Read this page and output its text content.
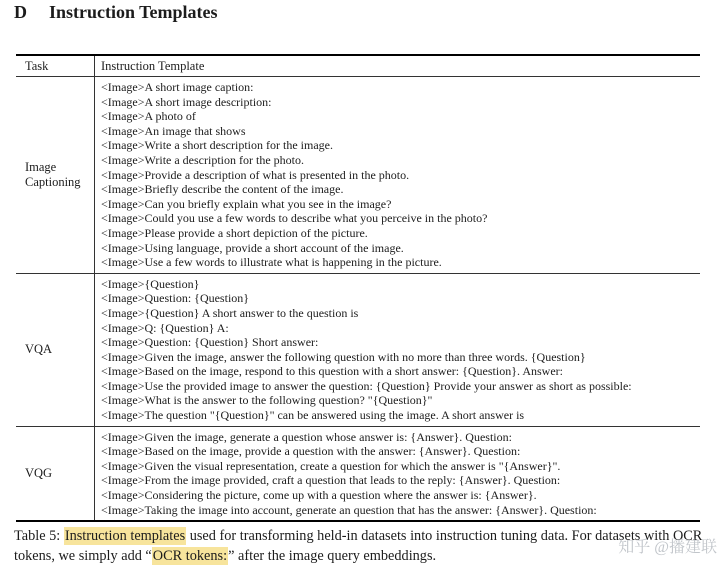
D Instruction Templates
Task	Instruction Template
Image Captioning
<Image>A short image caption:
<Image>A short image description:
<Image>A photo of
<Image>An image that shows
<Image>Write a short description for the image.
<Image>Write a description for the photo.
<Image>Provide a description of what is presented in the photo.
<Image>Briefly describe the content of the image.
<Image>Can you briefly explain what you see in the image?
<Image>Could you use a few words to describe what you perceive in the photo?
<Image>Please provide a short depiction of the picture.
<Image>Using language, provide a short account of the image.
<Image>Use a few words to illustrate what is happening in the picture.
VQA
<Image>{Question}
<Image>Question: {Question}
<Image>{Question} A short answer to the question is
<Image>Q: {Question} A:
<Image>Question: {Question} Short answer:
<Image>Given the image, answer the following question with no more than three words. {Question}
<Image>Based on the image, respond to this question with a short answer: {Question}. Answer:
<Image>Use the provided image to answer the question: {Question} Provide your answer as short as possible:
<Image>What is the answer to the following question? "{Question}"
<Image>The question "{Question}" can be answered using the image. A short answer is
VQG
<Image>Given the image, generate a question whose answer is: {Answer}. Question:
<Image>Based on the image, provide a question with the answer: {Answer}. Question:
<Image>Given the visual representation, create a question for which the answer is "{Answer}".
<Image>From the image provided, craft a question that leads to the reply: {Answer}. Question:
<Image>Considering the picture, come up with a question where the answer is: {Answer}.
<Image>Taking the image into account, generate an question that has the answer: {Answer}. Question:
Table 5: Instruction templates used for transforming held-in datasets into instruction tuning data. For datasets with OCR tokens, we simply add “OCR tokens:” after the image query embeddings.	知乎 @播建联
